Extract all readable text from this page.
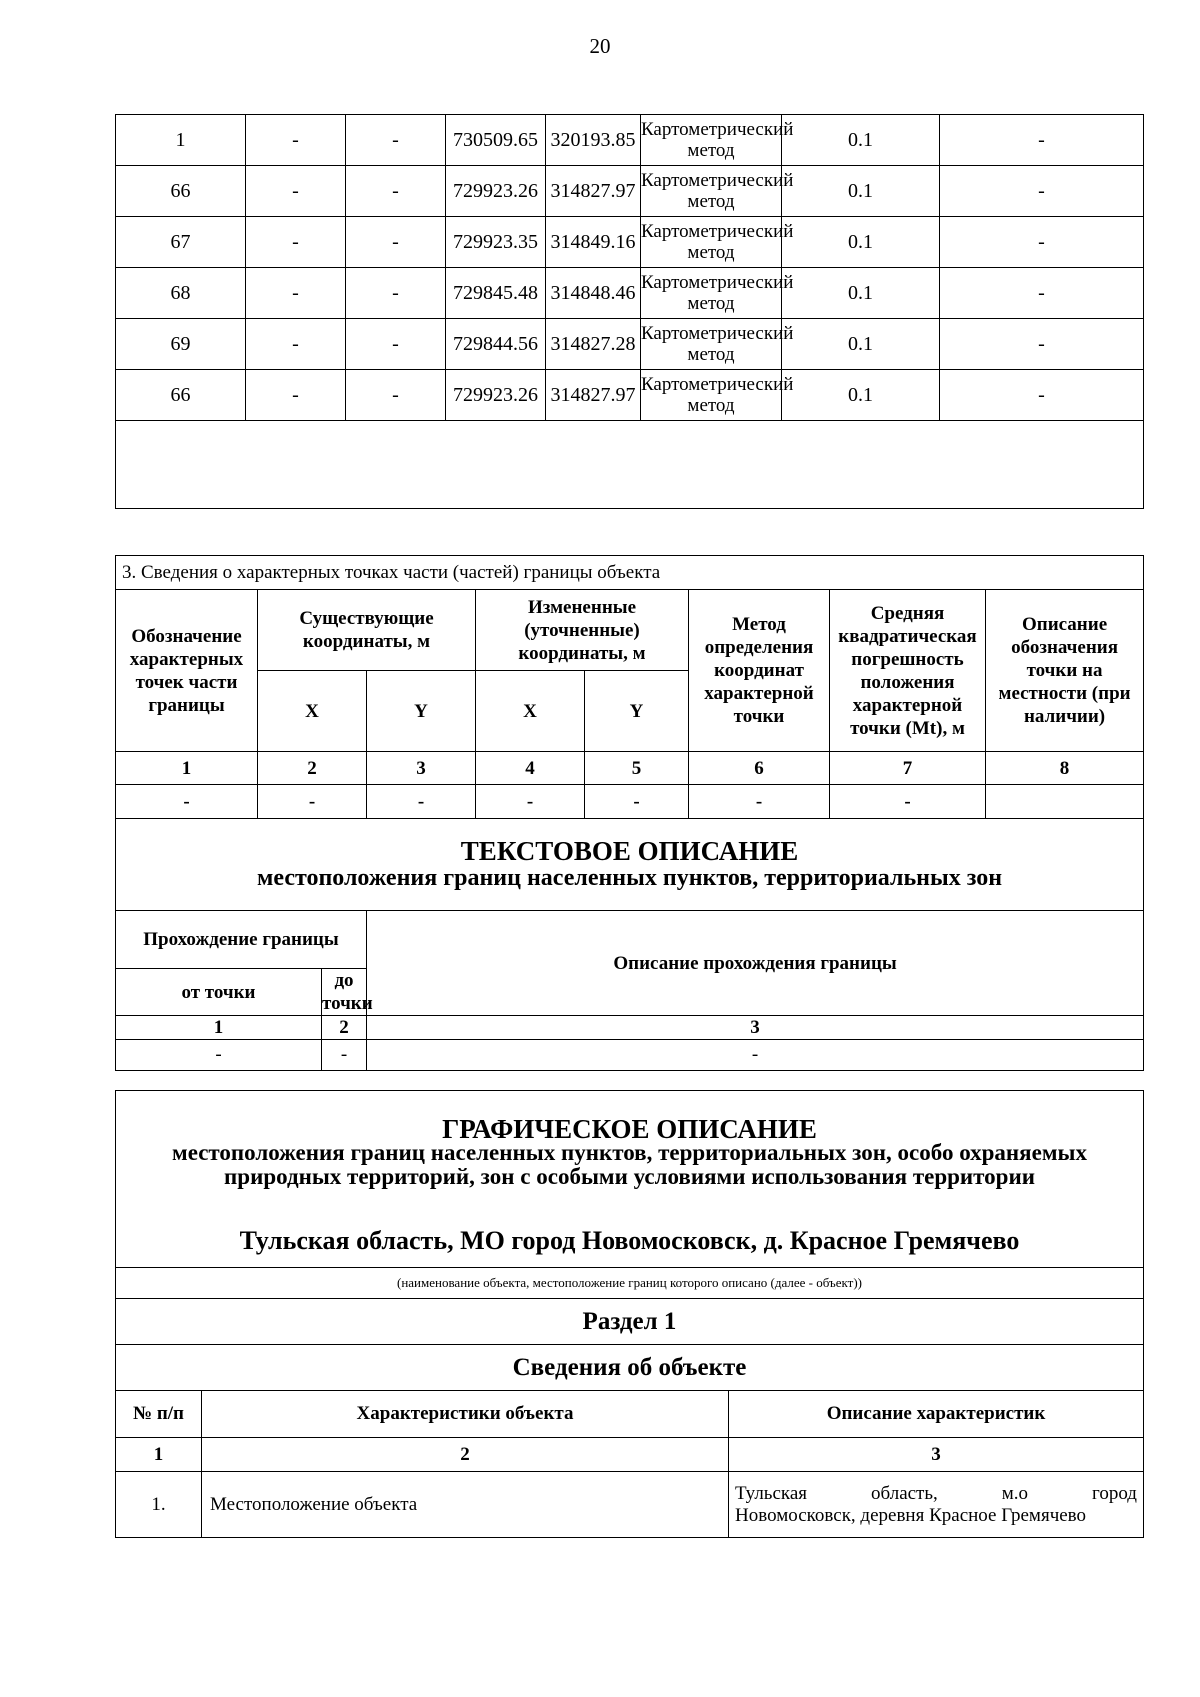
20
1	-	-	730509.65	320193.85	Картометрический метод	0.1	-
66	-	-	729923.26	314827.97	Картометрический метод	0.1	-
67	-	-	729923.35	314849.16	Картометрический метод	0.1	-
68	-	-	729845.48	314848.46	Картометрический метод	0.1	-
69	-	-	729844.56	314827.28	Картометрический метод	0.1	-
66	-	-	729923.26	314827.97	Картометрический метод	0.1	-

3. Сведения о характерных точках части (частей) границы объекта								
Обозначение характерных точек части границы	Существующие координаты, м			Измененные (уточненные) координаты, м		Метод определения координат характерной точки	Средняя квадратическая погрешность положения характерной точки (Mt), м	Описание обозначения точки на местности (при наличии)
	X		Y	X	Y			
1	2		3	4	5	6	7	8
-	-		-	-	-	-	-	

ТЕКСТОВОЕ ОПИСАНИЕ
местоположения границ населенных пунктов, территориальных зон								

Прохождение границы			Описание прохождения границы					
от точки		до точки						
1		2	3					
-		-	-					
ГРАФИЧЕСКОЕ ОПИСАНИЕ
местоположения границ населенных пунктов, территориальных зон, особо охраняемых природных территорий, зон с особыми условиями использования территории
Тульская область, МО город Новомосковск, д. Красное Гремячево		

(наименование объекта, местоположение границ которого описано (далее - объект))		
Раздел 1		
Сведения об объекте		
№ п/п	Характеристики объекта	Описание характеристик
1	2	3
1.	Местоположение объекта	Тульская область, м.о город
Новомосковск, деревня Красное Гремячево
